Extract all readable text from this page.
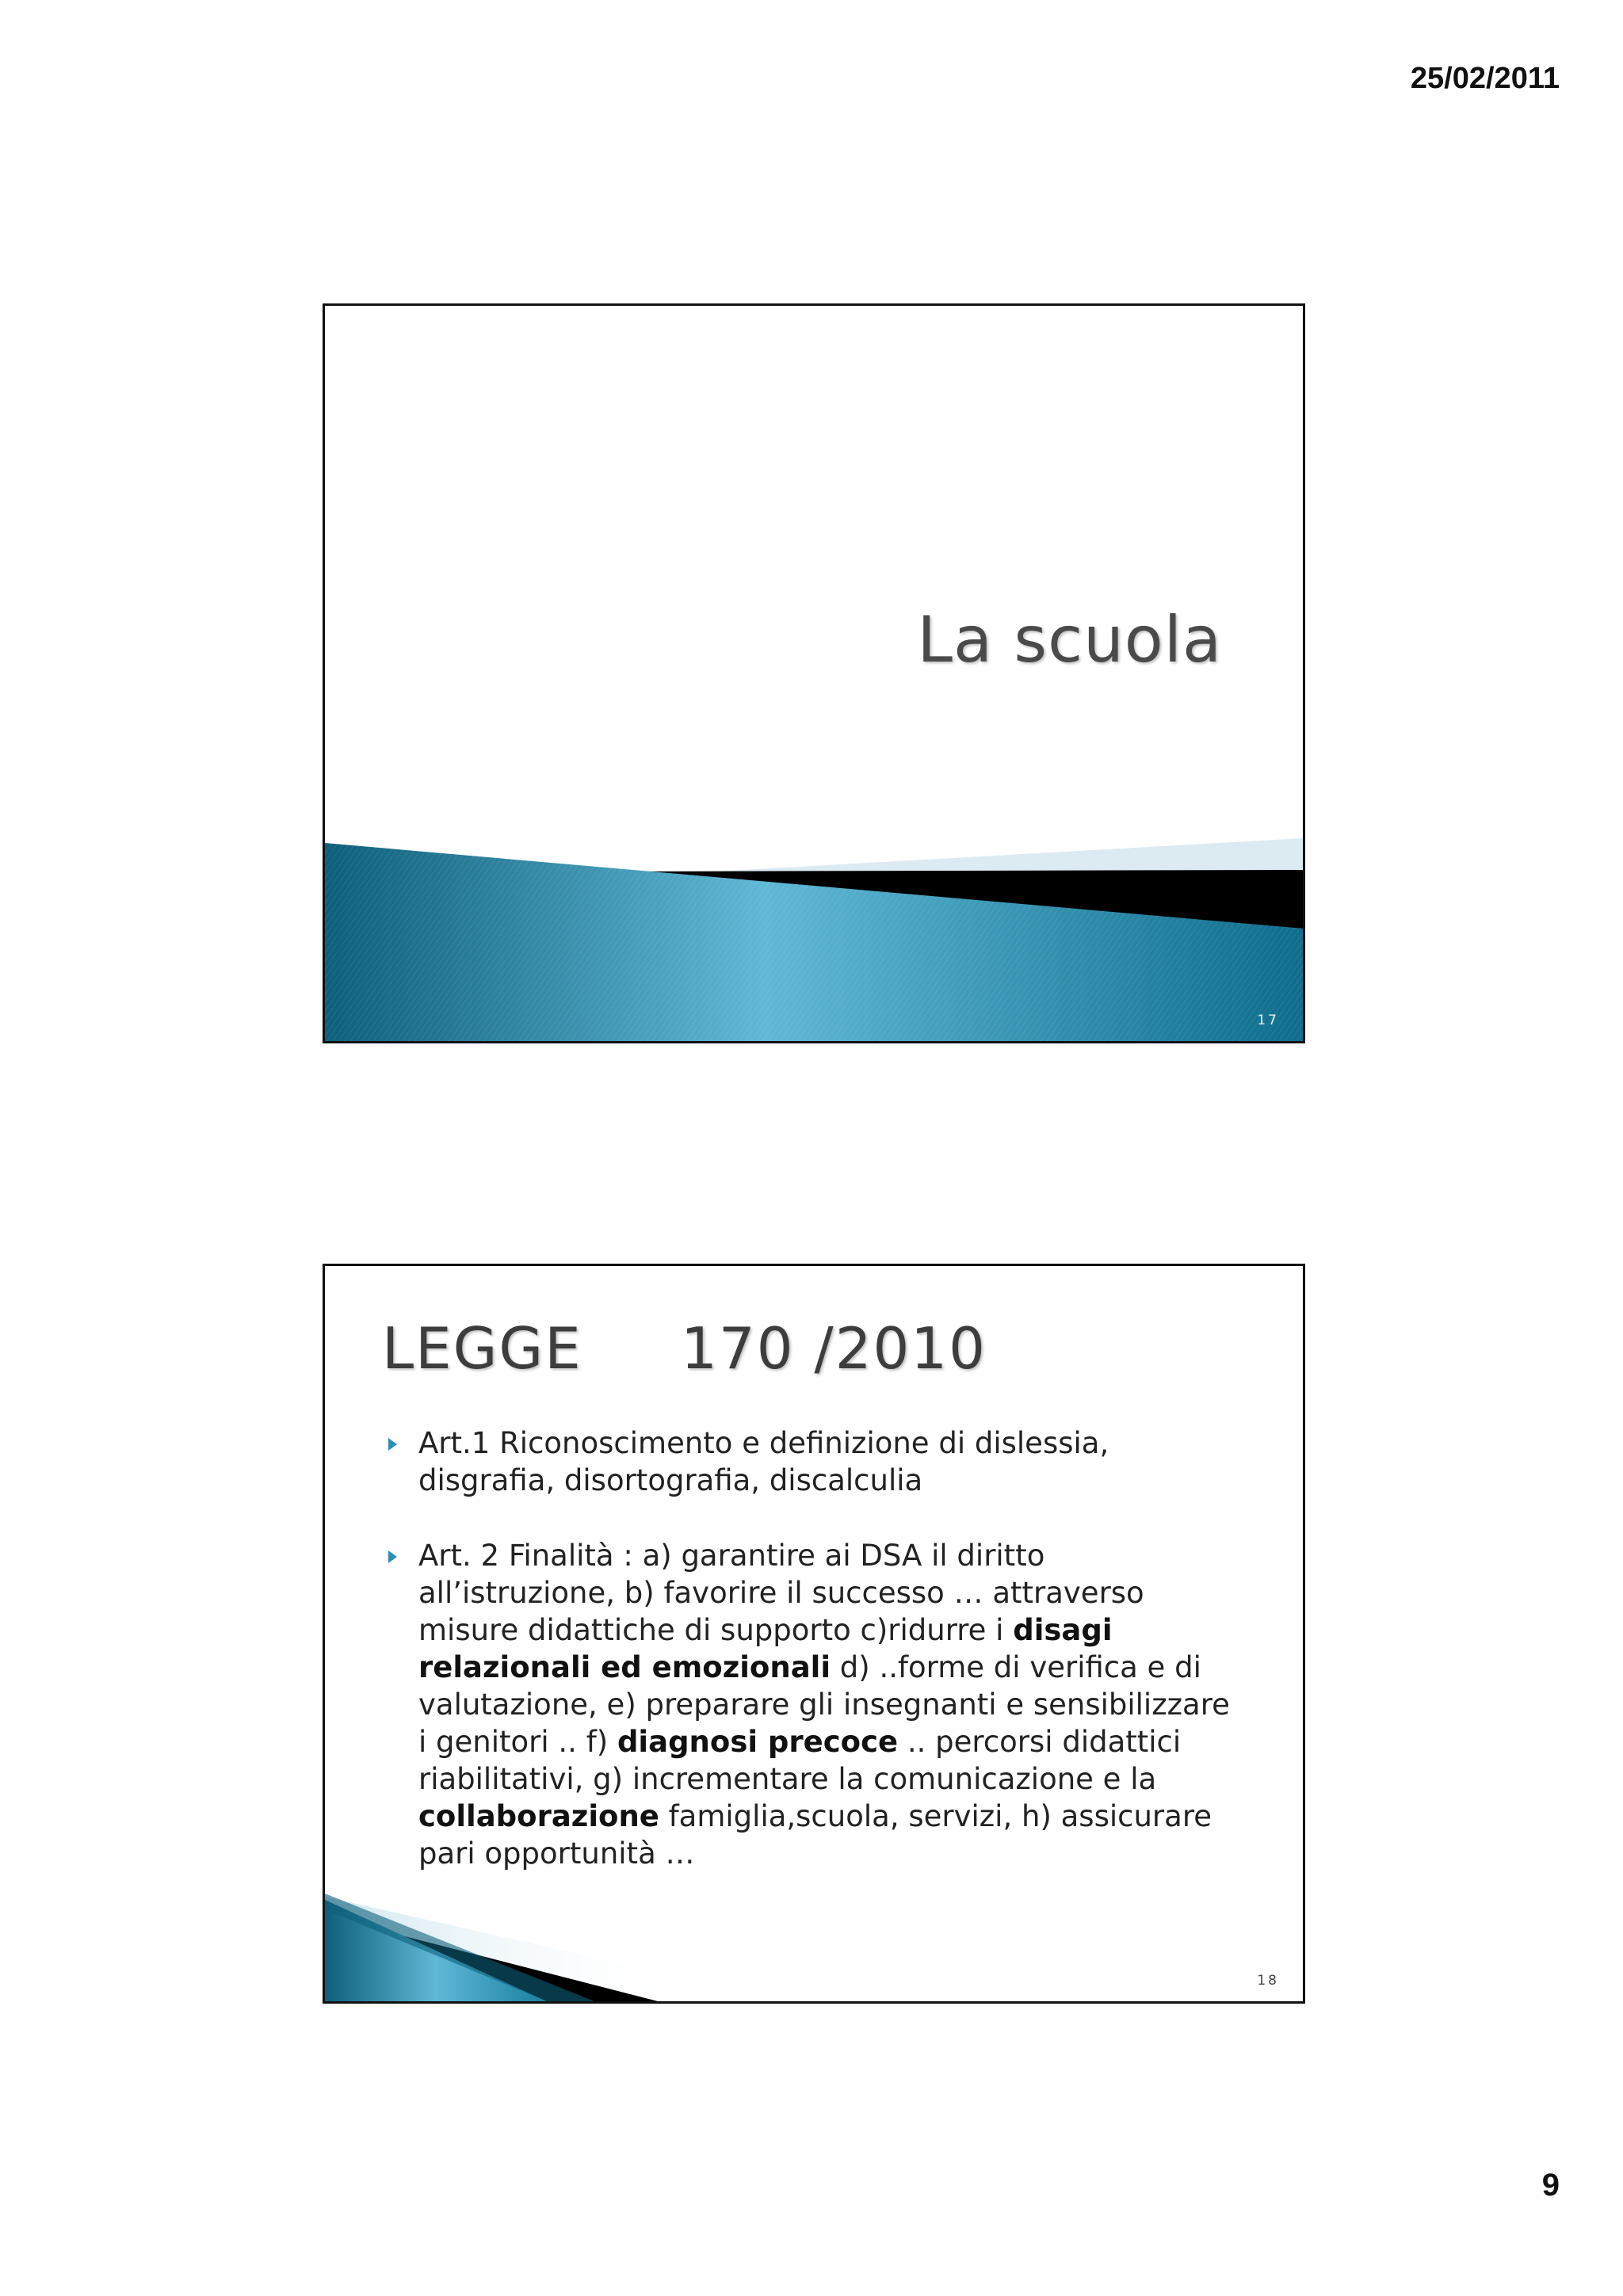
25/02/2011
La scuola
17
LEGGE     170 /2010
Art.1 Riconoscimento e definizione di dislessia, disgrafia, disortografia, discalculia
Art. 2 Finalità : a) garantire ai DSA il diritto all’istruzione, b) favorire il successo … attraverso misure didattiche di supporto c)ridurre i disagi relazionali ed emozionali d) ..forme di verifica e di valutazione, e) preparare gli insegnanti e sensibilizzare i genitori .. f) diagnosi precoce .. percorsi didattici riabilitativi, g) incrementare la comunicazione e la collaborazione famiglia,scuola, servizi, h) assicurare pari opportunità …
18
9
